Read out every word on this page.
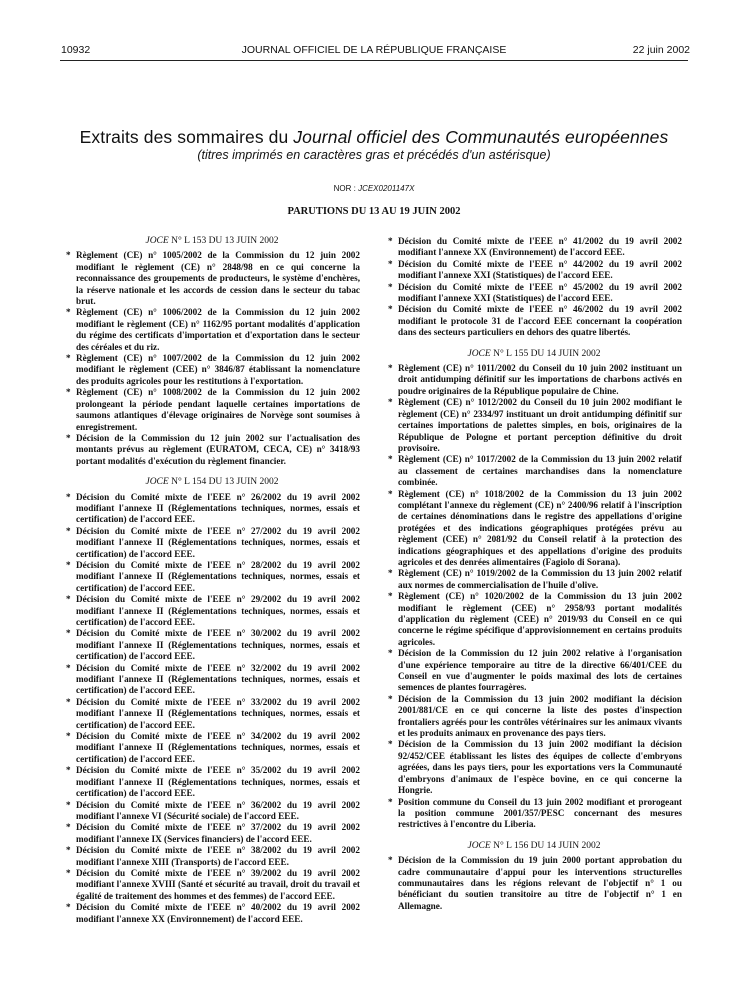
10932	JOURNAL OFFICIEL DE LA RÉPUBLIQUE FRANÇAISE	22 juin 2002
Extraits des sommaires du Journal officiel des Communautés européennes
(titres imprimés en caractères gras et précédés d'un astérisque)
NOR : JCEX0201147X
PARUTIONS DU 13 AU 19 JUIN 2002
JOCE N° L 153 DU 13 JUIN 2002
* Règlement (CE) n° 1005/2002 de la Commission du 12 juin 2002 modifiant le règlement (CE) n° 2848/98 en ce qui concerne la reconnaissance des groupements de producteurs, le système d'enchères, la réserve nationale et les accords de cession dans le secteur du tabac brut.
* Règlement (CE) n° 1006/2002 de la Commission du 12 juin 2002 modifiant le règlement (CE) n° 1162/95 portant modalités d'application du régime des certificats d'importation et d'exportation dans le secteur des céréales et du riz.
* Règlement (CE) n° 1007/2002 de la Commission du 12 juin 2002 modifiant le règlement (CEE) n° 3846/87 établissant la nomenclature des produits agricoles pour les restitutions à l'exportation.
* Règlement (CE) n° 1008/2002 de la Commission du 12 juin 2002 prolongeant la période pendant laquelle certaines importations de saumons atlantiques d'élevage originaires de Norvège sont soumises à enregistrement.
* Décision de la Commission du 12 juin 2002 sur l'actualisation des montants prévus au règlement (EURATOM, CECA, CE) n° 3418/93 portant modalités d'exécution du règlement financier.
JOCE N° L 154 DU 13 JUIN 2002
* Décision du Comité mixte de l'EEE n° 26/2002 du 19 avril 2002 modifiant l'annexe II (Réglementations techniques, normes, essais et certification) de l'accord EEE.
* Décision du Comité mixte de l'EEE n° 27/2002 du 19 avril 2002 modifiant l'annexe II (Réglementations techniques, normes, essais et certification) de l'accord EEE.
* Décision du Comité mixte de l'EEE n° 28/2002 du 19 avril 2002 modifiant l'annexe II (Réglementations techniques, normes, essais et certification) de l'accord EEE.
* Décision du Comité mixte de l'EEE n° 29/2002 du 19 avril 2002 modifiant l'annexe II (Réglementations techniques, normes, essais et certification) de l'accord EEE.
* Décision du Comité mixte de l'EEE n° 30/2002 du 19 avril 2002 modifiant l'annexe II (Réglementations techniques, normes, essais et certification) de l'accord EEE.
* Décision du Comité mixte de l'EEE n° 32/2002 du 19 avril 2002 modifiant l'annexe II (Réglementations techniques, normes, essais et certification) de l'accord EEE.
* Décision du Comité mixte de l'EEE n° 33/2002 du 19 avril 2002 modifiant l'annexe II (Réglementations techniques, normes, essais et certification) de l'accord EEE.
* Décision du Comité mixte de l'EEE n° 34/2002 du 19 avril 2002 modifiant l'annexe II (Réglementations techniques, normes, essais et certification) de l'accord EEE.
* Décision du Comité mixte de l'EEE n° 35/2002 du 19 avril 2002 modifiant l'annexe II (Réglementations techniques, normes, essais et certification) de l'accord EEE.
* Décision du Comité mixte de l'EEE n° 36/2002 du 19 avril 2002 modifiant l'annexe VI (Sécurité sociale) de l'accord EEE.
* Décision du Comité mixte de l'EEE n° 37/2002 du 19 avril 2002 modifiant l'annexe IX (Services financiers) de l'accord EEE.
* Décision du Comité mixte de l'EEE n° 38/2002 du 19 avril 2002 modifiant l'annexe XIII (Transports) de l'accord EEE.
* Décision du Comité mixte de l'EEE n° 39/2002 du 19 avril 2002 modifiant l'annexe XVIII (Santé et sécurité au travail, droit du travail et égalité de traitement des hommes et des femmes) de l'accord EEE.
* Décision du Comité mixte de l'EEE n° 40/2002 du 19 avril 2002 modifiant l'annexe XX (Environnement) de l'accord EEE.
* Décision du Comité mixte de l'EEE n° 41/2002 du 19 avril 2002 modifiant l'annexe XX (Environnement) de l'accord EEE.
* Décision du Comité mixte de l'EEE n° 44/2002 du 19 avril 2002 modifiant l'annexe XXI (Statistiques) de l'accord EEE.
* Décision du Comité mixte de l'EEE n° 45/2002 du 19 avril 2002 modifiant l'annexe XXI (Statistiques) de l'accord EEE.
* Décision du Comité mixte de l'EEE n° 46/2002 du 19 avril 2002 modifiant le protocole 31 de l'accord EEE concernant la coopération dans des secteurs particuliers en dehors des quatre libertés.
JOCE N° L 155 DU 14 JUIN 2002
* Règlement (CE) n° 1011/2002 du Conseil du 10 juin 2002 instituant un droit antidumping définitif sur les importations de charbons activés en poudre originaires de la République populaire de Chine.
* Règlement (CE) n° 1012/2002 du Conseil du 10 juin 2002 modifiant le règlement (CE) n° 2334/97 instituant un droit antidumping définitif sur certaines importations de palettes simples, en bois, originaires de la République de Pologne et portant perception définitive du droit provisoire.
* Règlement (CE) n° 1017/2002 de la Commission du 13 juin 2002 relatif au classement de certaines marchandises dans la nomenclature combinée.
* Règlement (CE) n° 1018/2002 de la Commission du 13 juin 2002 complétant l'annexe du règlement (CE) n° 2400/96 relatif à l'inscription de certaines dénominations dans le registre des appellations d'origine protégées et des indications géographiques protégées prévu au règlement (CEE) n° 2081/92 du Conseil relatif à la protection des indications géographiques et des appellations d'origine des produits agricoles et des denrées alimentaires (Fagiolo di Sorana).
* Règlement (CE) n° 1019/2002 de la Commission du 13 juin 2002 relatif aux normes de commercialisation de l'huile d'olive.
* Règlement (CE) n° 1020/2002 de la Commission du 13 juin 2002 modifiant le règlement (CEE) n° 2958/93 portant modalités d'application du règlement (CEE) n° 2019/93 du Conseil en ce qui concerne le régime spécifique d'approvisionnement en certains produits agricoles.
* Décision de la Commission du 12 juin 2002 relative à l'organisation d'une expérience temporaire au titre de la directive 66/401/CEE du Conseil en vue d'augmenter le poids maximal des lots de certaines semences de plantes fourragères.
* Décision de la Commission du 13 juin 2002 modifiant la décision 2001/881/CE en ce qui concerne la liste des postes d'inspection frontaliers agréés pour les contrôles vétérinaires sur les animaux vivants et les produits animaux en provenance des pays tiers.
* Décision de la Commission du 13 juin 2002 modifiant la décision 92/452/CEE établissant les listes des équipes de collecte d'embryons agréées, dans les pays tiers, pour les exportations vers la Communauté d'embryons d'animaux de l'espèce bovine, en ce qui concerne la Hongrie.
* Position commune du Conseil du 13 juin 2002 modifiant et prorogeant la position commune 2001/357/PESC concernant des mesures restrictives à l'encontre du Liberia.
JOCE N° L 156 DU 14 JUIN 2002
* Décision de la Commission du 19 juin 2000 portant approbation du cadre communautaire d'appui pour les interventions structurelles communautaires dans les régions relevant de l'objectif n° 1 ou bénéficiant du soutien transitoire au titre de l'objectif n° 1 en Allemagne.
